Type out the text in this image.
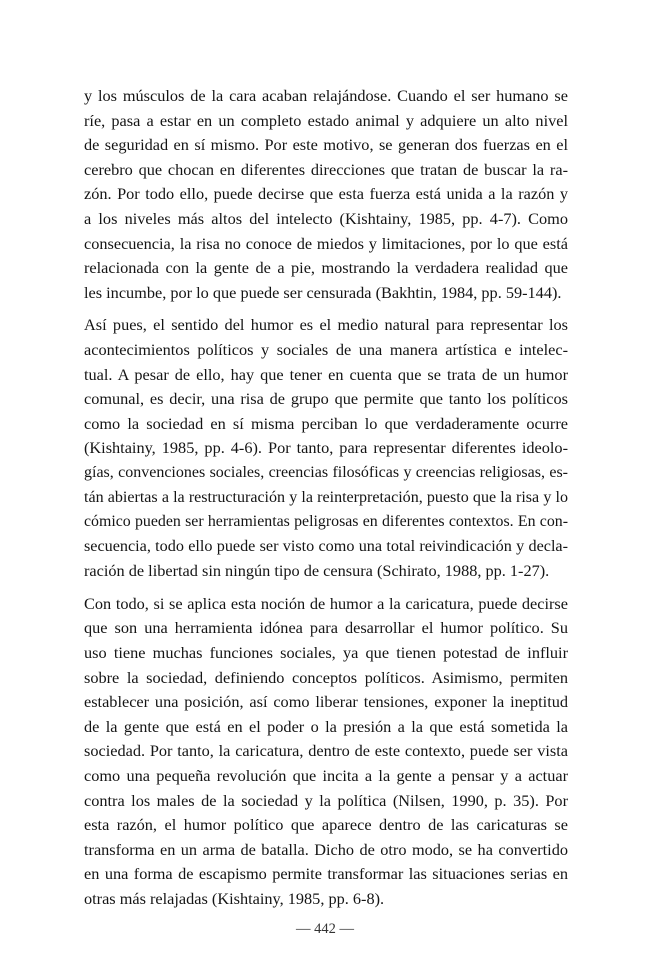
y los músculos de la cara acaban relajándose. Cuando el ser humano se
ríe, pasa a estar en un completo estado animal y adquiere un alto nivel
de seguridad en sí mismo. Por este motivo, se generan dos fuerzas en el
cerebro que chocan en diferentes direcciones que tratan de buscar la ra-
zón. Por todo ello, puede decirse que esta fuerza está unida a la razón y
a los niveles más altos del intelecto (Kishtainy, 1985, pp. 4-7). Como
consecuencia, la risa no conoce de miedos y limitaciones, por lo que está
relacionada con la gente de a pie, mostrando la verdadera realidad que
les incumbe, por lo que puede ser censurada (Bakhtin, 1984, pp. 59-144).

Así pues, el sentido del humor es el medio natural para representar los
acontecimientos políticos y sociales de una manera artística e intelec-
tual. A pesar de ello, hay que tener en cuenta que se trata de un humor
comunal, es decir, una risa de grupo que permite que tanto los políticos
como la sociedad en sí misma perciban lo que verdaderamente ocurre
(Kishtainy, 1985, pp. 4-6). Por tanto, para representar diferentes ideolo-
gías, convenciones sociales, creencias filosóficas y creencias religiosas, es-
tán abiertas a la restructuración y la reinterpretación, puesto que la risa y lo
cómico pueden ser herramientas peligrosas en diferentes contextos. En con-
secuencia, todo ello puede ser visto como una total reivindicación y decla-
ración de libertad sin ningún tipo de censura (Schirato, 1988, pp. 1-27).

Con todo, si se aplica esta noción de humor a la caricatura, puede decirse
que son una herramienta idónea para desarrollar el humor político. Su
uso tiene muchas funciones sociales, ya que tienen potestad de influir
sobre la sociedad, definiendo conceptos políticos. Asimismo, permiten
establecer una posición, así como liberar tensiones, exponer la ineptitud
de la gente que está en el poder o la presión a la que está sometida la
sociedad. Por tanto, la caricatura, dentro de este contexto, puede ser vista
como una pequeña revolución que incita a la gente a pensar y a actuar
contra los males de la sociedad y la política (Nilsen, 1990, p. 35). Por
esta razón, el humor político que aparece dentro de las caricaturas se
transforma en un arma de batalla. Dicho de otro modo, se ha convertido
en una forma de escapismo permite transformar las situaciones serias en
otras más relajadas (Kishtainy, 1985, pp. 6-8).

— 442 —
